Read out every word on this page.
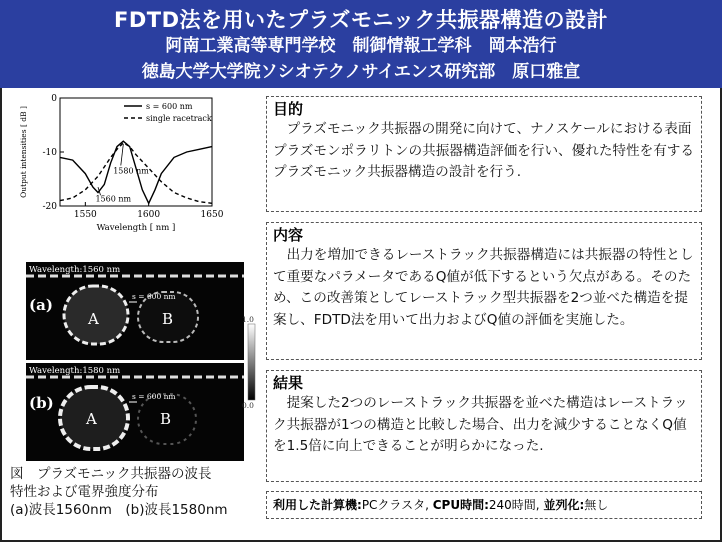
FDTD法を用いたプラズモニック共振器構造の設計
阿南工業高等専門学校　制御情報工学科　岡本浩行
徳島大学大学院ソシオテクノサイエンス研究部　原口雅宣
0
-10
-20
1550	1600	1650
Wavelength [ nm ]
Output intensities [ dB ]	s = 600 nm
single racetrack
1580 nm
1560 nm
Wavelength:1560 nm
(a)
A	B
s = 600 nm
Wavelength:1580 nm
(b)
A	B
s = 600 nm
1.0
0.0
図　プラズモニック共振器の波長
特性および電界強度分布
(a)波長1560nm　(b)波長1580nm
目的
プラズモニック共振器の開発に向けて、ナノスケールにおける表面プラズモンポラリトンの共振器構造評価を行い、優れた特性を有するプラズモニック共振器構造の設計を行う.
内容
出力を増加できるレーストラック共振器構造には共振器の特性として重要なパラメータであるQ値が低下するという欠点がある。そのため、この改善策としてレーストラック型共振器を2つ並べた構造を提案し、FDTD法を用いて出力およびQ値の評価を実施した。
結果
提案した2つのレーストラック共振器を並べた構造はレーストラック共振器が1つの構造と比較した場合、出力を減少することなくQ値を1.5倍に向上できることが明らかになった.
利用した計算機:PCクラスタ, CPU時間:240時間, 並列化:無し
